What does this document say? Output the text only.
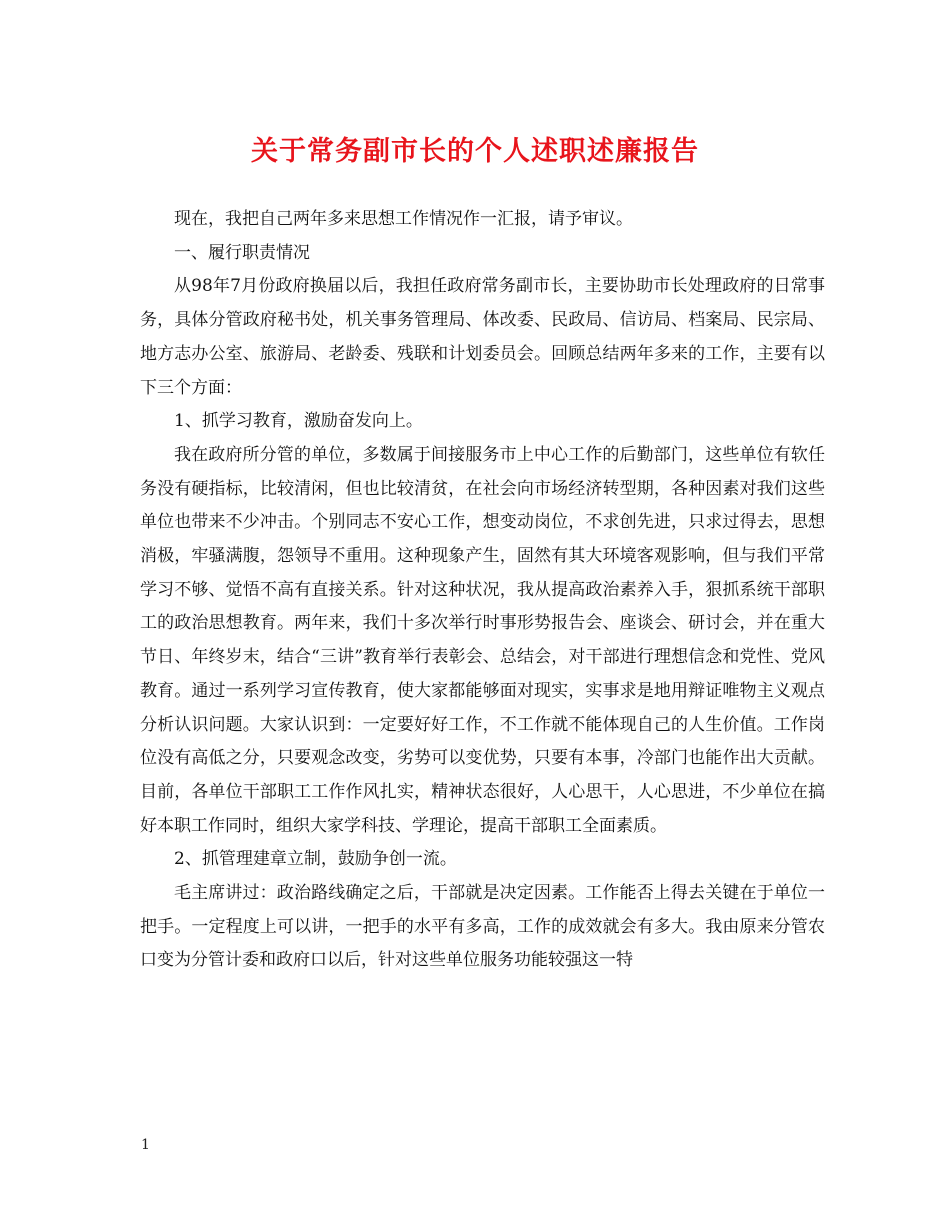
关于常务副市长的个人述职述廉报告

现在，我把自己两年多来思想工作情况作一汇报，请予审议。

一、履行职责情况

从98年7月份政府换届以后，我担任政府常务副市长，主要协助市长处理政府的日常事务，具体分管政府秘书处，机关事务管理局、体改委、民政局、信访局、档案局、民宗局、地方志办公室、旅游局、老龄委、残联和计划委员会。回顾总结两年多来的工作，主要有以下三个方面：

1、抓学习教育，激励奋发向上。

我在政府所分管的单位，多数属于间接服务市上中心工作的后勤部门，这些单位有软任务没有硬指标，比较清闲，但也比较清贫，在社会向市场经济转型期，各种因素对我们这些单位也带来不少冲击。个别同志不安心工作，想变动岗位，不求创先进，只求过得去，思想消极，牢骚满腹，怨领导不重用。这种现象产生，固然有其大环境客观影响，但与我们平常学习不够、觉悟不高有直接关系。针对这种状况，我从提高政治素养入手，狠抓系统干部职工的政治思想教育。两年来，我们十多次举行时事形势报告会、座谈会、研讨会，并在重大节日、年终岁末，结合“三讲”教育举行表彰会、总结会，对干部进行理想信念和党性、党风教育。通过一系列学习宣传教育，使大家都能够面对现实，实事求是地用辩证唯物主义观点分析认识问题。大家认识到：一定要好好工作，不工作就不能体现自己的人生价值。工作岗位没有高低之分，只要观念改变，劣势可以变优势，只要有本事，冷部门也能作出大贡献。目前，各单位干部职工工作作风扎实，精神状态很好，人心思干，人心思进，不少单位在搞好本职工作同时，组织大家学科技、学理论，提高干部职工全面素质。

2、抓管理建章立制，鼓励争创一流。

毛主席讲过：政治路线确定之后，干部就是决定因素。工作能否上得去关键在于单位一把手。一定程度上可以讲，一把手的水平有多高，工作的成效就会有多大。我由原来分管农口变为分管计委和政府口以后，针对这些单位服务功能较强这一特

1
